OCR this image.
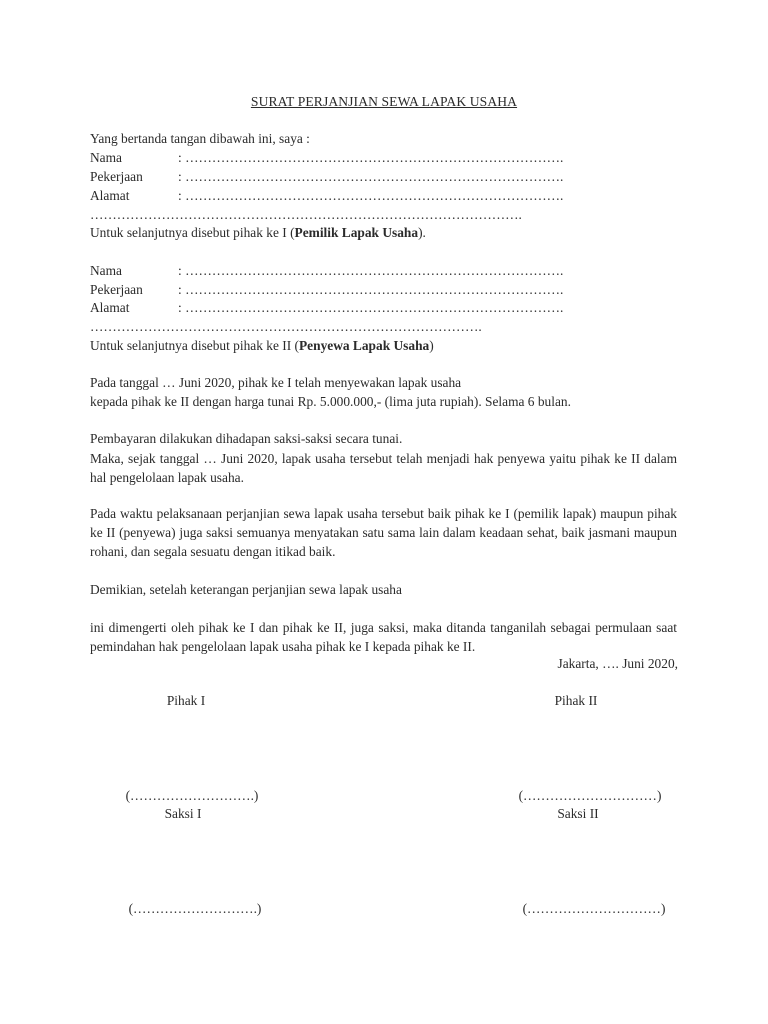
SURAT PERJANJIAN SEWA LAPAK USAHA
Yang bertanda tangan dibawah ini, saya :
Nama	: ………………………………………………………………………….
Pekerjaan	: ………………………………………………………………………….
Alamat	: ………………………………………………………………………….
…………………………………………………………………………………….
Untuk selanjutnya disebut pihak ke I (Pemilik Lapak Usaha).
Nama	: ………………………………………………………………………….
Pekerjaan	: ………………………………………………………………………….
Alamat	: ………………………………………………………………………….
…………………………………………………………………………….
Untuk selanjutnya disebut pihak ke II (Penyewa Lapak Usaha)
Pada tanggal … Juni 2020, pihak ke I telah menyewakan lapak usaha
kepada pihak ke II dengan harga tunai Rp. 5.000.000,- (lima juta rupiah). Selama 6 bulan.
Pembayaran dilakukan dihadapan saksi-saksi secara tunai.

Maka, sejak tanggal … Juni 2020, lapak usaha tersebut telah menjadi hak penyewa yaitu pihak ke II dalam hal pengelolaan lapak usaha.

Pada waktu pelaksanaan perjanjian sewa lapak usaha tersebut baik pihak ke I (pemilik lapak) maupun pihak ke II (penyewa) juga saksi semuanya menyatakan satu sama lain dalam keadaan sehat, baik jasmani maupun rohani, dan segala sesuatu dengan itikad baik.

Demikian, setelah keterangan perjanjian sewa lapak usaha

ini dimengerti oleh pihak ke I dan pihak ke II, juga saksi, maka ditanda tanganilah sebagai permulaan saat pemindahan hak pengelolaan lapak usaha pihak ke I kepada pihak ke II.

Jakarta, …. Juni 2020,
Pihak I	Pihak II
(……………………….)	(…………………………)
Saksi I	Saksi II
(……………………….)	(…………………………)
